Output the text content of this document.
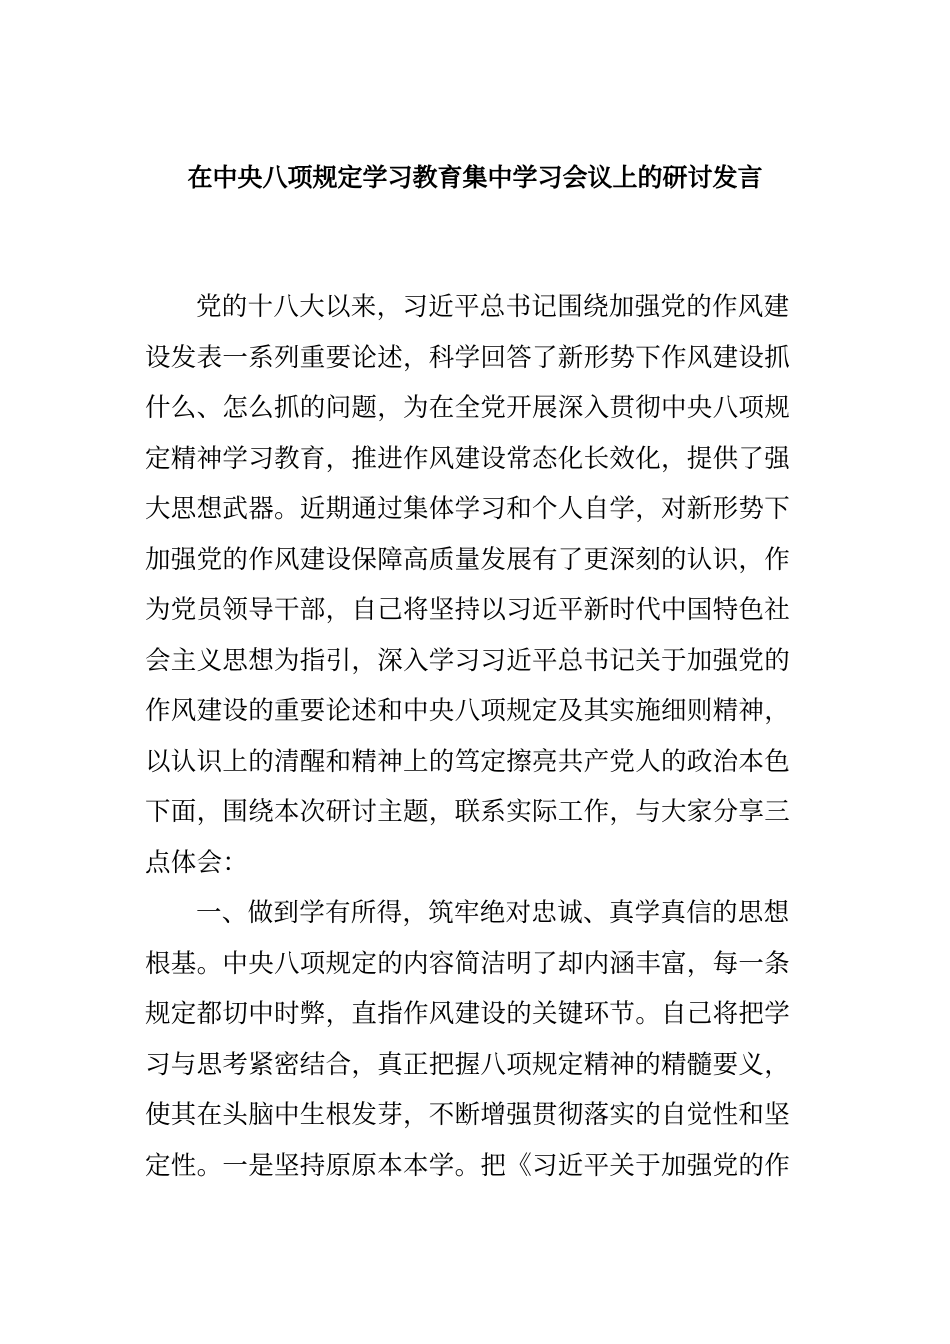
在中央八项规定学习教育集中学习会议上的研讨发言
党的十八大以来，习近平总书记围绕加强党的作风建
设发表一系列重要论述，科学回答了新形势下作风建设抓
什么、怎么抓的问题，为在全党开展深入贯彻中央八项规
定精神学习教育，推进作风建设常态化长效化，提供了强
大思想武器。近期通过集体学习和个人自学，对新形势下
加强党的作风建设保障高质量发展有了更深刻的认识，作
为党员领导干部，自己将坚持以习近平新时代中国特色社
会主义思想为指引，深入学习习近平总书记关于加强党的
作风建设的重要论述和中央八项规定及其实施细则精神，
以认识上的清醒和精神上的笃定擦亮共产党人的政治本色
下面，围绕本次研讨主题，联系实际工作，与大家分享三
点体会：
一、做到学有所得，筑牢绝对忠诚、真学真信的思想
根基。中央八项规定的内容简洁明了却内涵丰富，每一条
规定都切中时弊，直指作风建设的关键环节。自己将把学
习与思考紧密结合，真正把握八项规定精神的精髓要义，
使其在头脑中生根发芽，不断增强贯彻落实的自觉性和坚
定性。一是坚持原原本本学。把《习近平关于加强党的作
